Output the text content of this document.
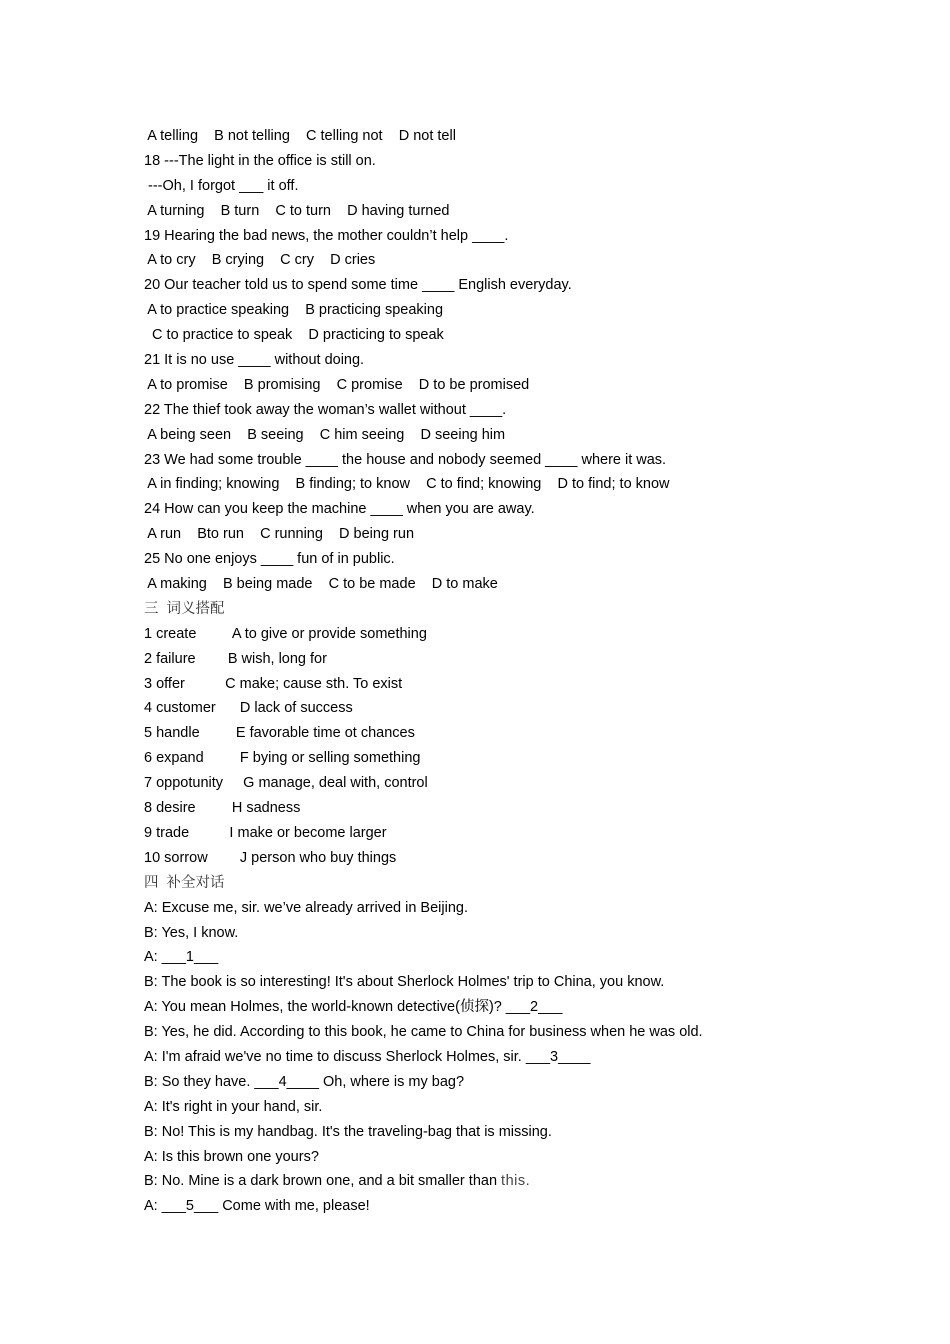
A telling    B not telling    C telling not    D not tell
18 ---The light in the office is still on.
---Oh, I forgot ___ it off.
A turning    B turn    C to turn    D having turned
19 Hearing the bad news, the mother couldn’t help ____.
A to cry    B crying    C cry    D cries
20 Our teacher told us to spend some time ____ English everyday.
A to practice speaking    B practicing speaking
C to practice to speak    D practicing to speak
21 It is no use ____ without doing.
A to promise    B promising    C promise    D to be promised
22 The thief took away the woman’s wallet without ____.
A being seen    B seeing    C him seeing    D seeing him
23 We had some trouble ____ the house and nobody seemed ____ where it was.
A in finding; knowing    B finding; to know    C to find; knowing    D to find; to know
24 How can you keep the machine ____ when you are away.
A run    Bto run    C running    D being run
25 No one enjoys ____ fun of in public.
A making    B being made    C to be made    D to make
三  词义搭配
1 create         A to give or provide something
2 failure        B wish, long for
3 offer          C make; cause sth. To exist
4 customer      D lack of success
5 handle         E favorable time ot chances
6 expand         F bying or selling something
7 oppotunity     G manage, deal with, control
8 desire         H sadness
9 trade          I make or become larger
10 sorrow        J person who buy things
四  补全对话
A: Excuse me, sir. we’ve already arrived in Beijing.
B: Yes, I know.
A: ___1___
B: The book is so interesting! It's about Sherlock Holmes' trip to China, you know.
A: You mean Holmes, the world-known detective(侦探)? ___2___
B: Yes, he did. According to this book, he came to China for business when he was old.
A: I'm afraid we've no time to discuss Sherlock Holmes, sir. ___3____
B: So they have. ___4____ Oh, where is my bag?
A: It's right in your hand, sir.
B: No! This is my handbag. It's the traveling-bag that is missing.
A: Is this brown one yours?
B: No. Mine is a dark brown one, and a bit smaller than this.
A: ___5___ Come with me, please!
